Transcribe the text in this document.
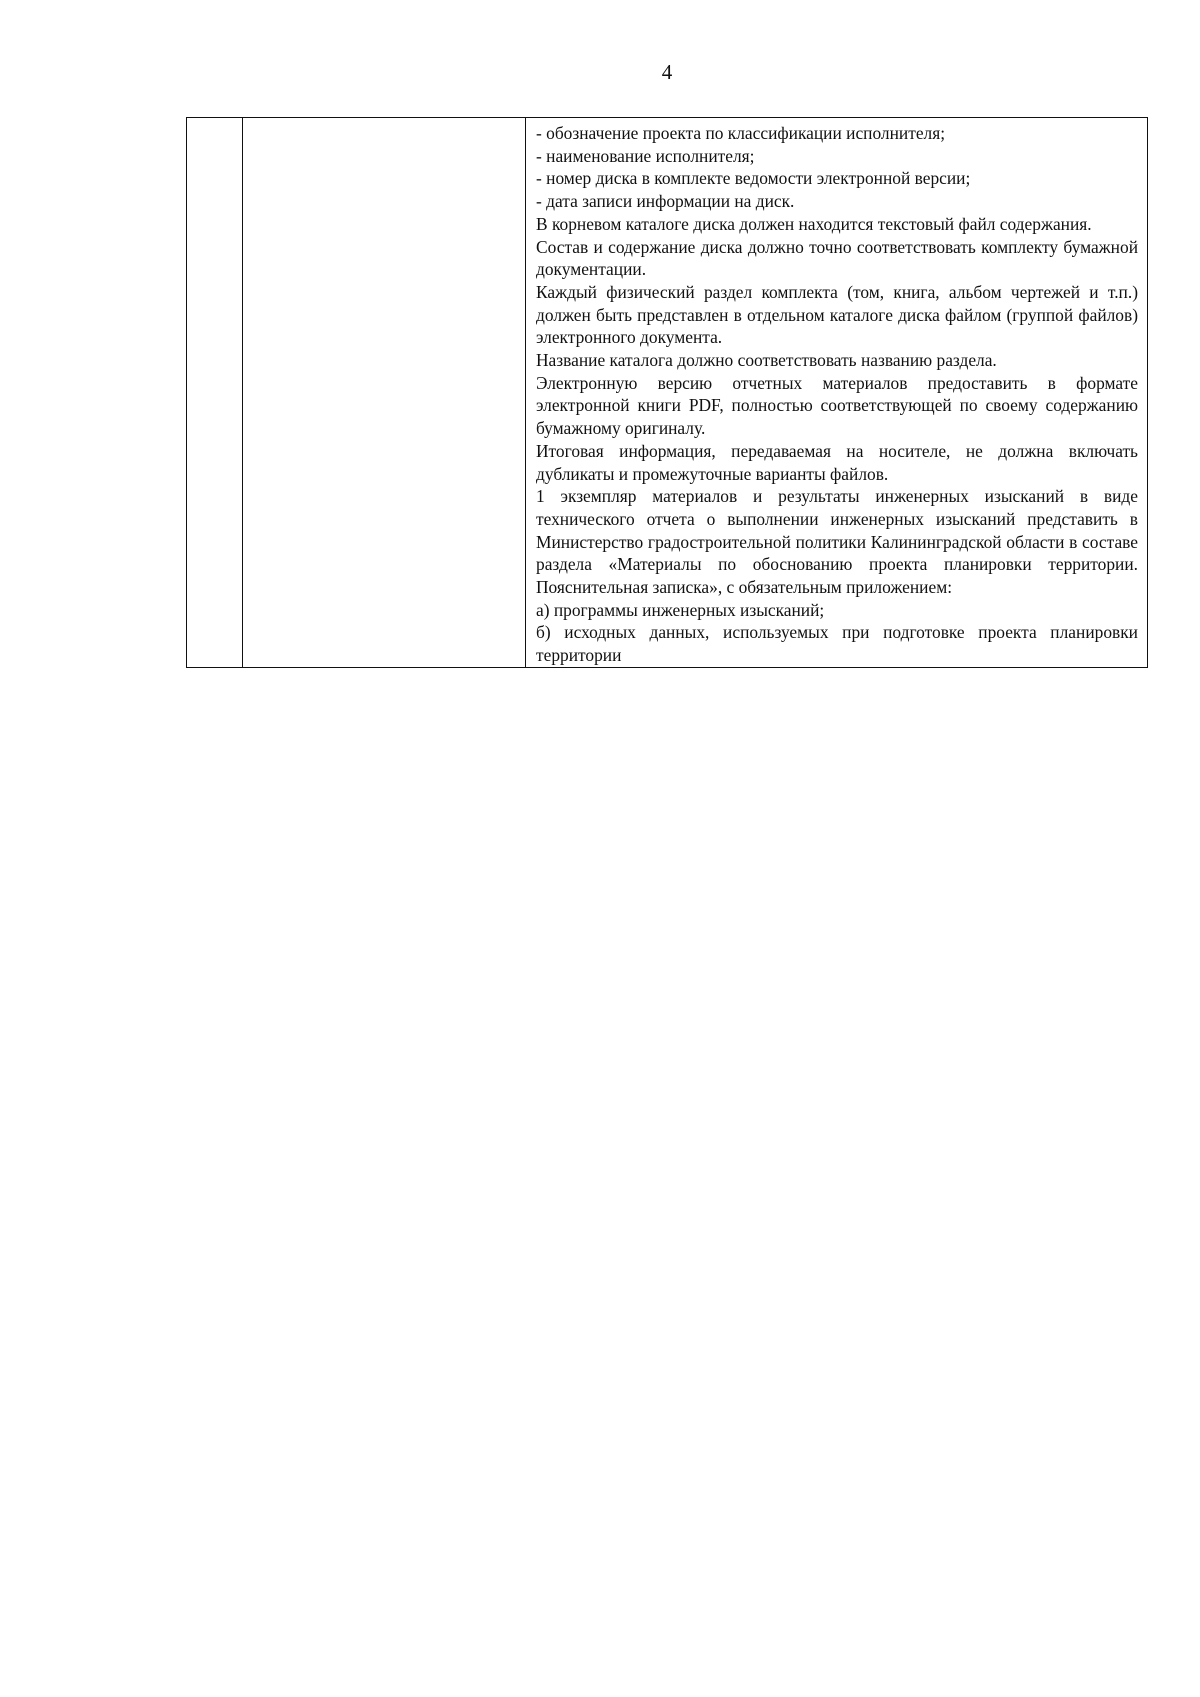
4

- обозначение проекта по классификации исполнителя;

- наименование исполнителя;

- номер диска в комплекте ведомости электронной версии;

- дата записи информации на диск.

В корневом каталоге диска должен находится текстовый файл содержания.

Состав и содержание диска должно точно соответствовать комплекту бумажной документации.

Каждый физический раздел комплекта (том, книга, альбом чертежей и т.п.) должен быть представлен в отдельном каталоге диска файлом (группой файлов) электронного документа.

Название каталога должно соответствовать названию раздела.

Электронную версию отчетных материалов предоставить в формате электронной книги PDF, полностью соответствующей по своему содержанию бумажному оригиналу.

Итоговая информация, передаваемая на носителе, не должна включать дубликаты и промежуточные варианты файлов.

1 экземпляр материалов и результаты инженерных изысканий в виде технического отчета о выполнении инженерных изысканий представить в Министерство градостроительной политики Калининградской области в составе раздела «Материалы по обоснованию проекта планировки территории. Пояснительная записка», с обязательным приложением:

а) программы инженерных изысканий;

б) исходных данных, используемых при подготовке проекта планировки территории
